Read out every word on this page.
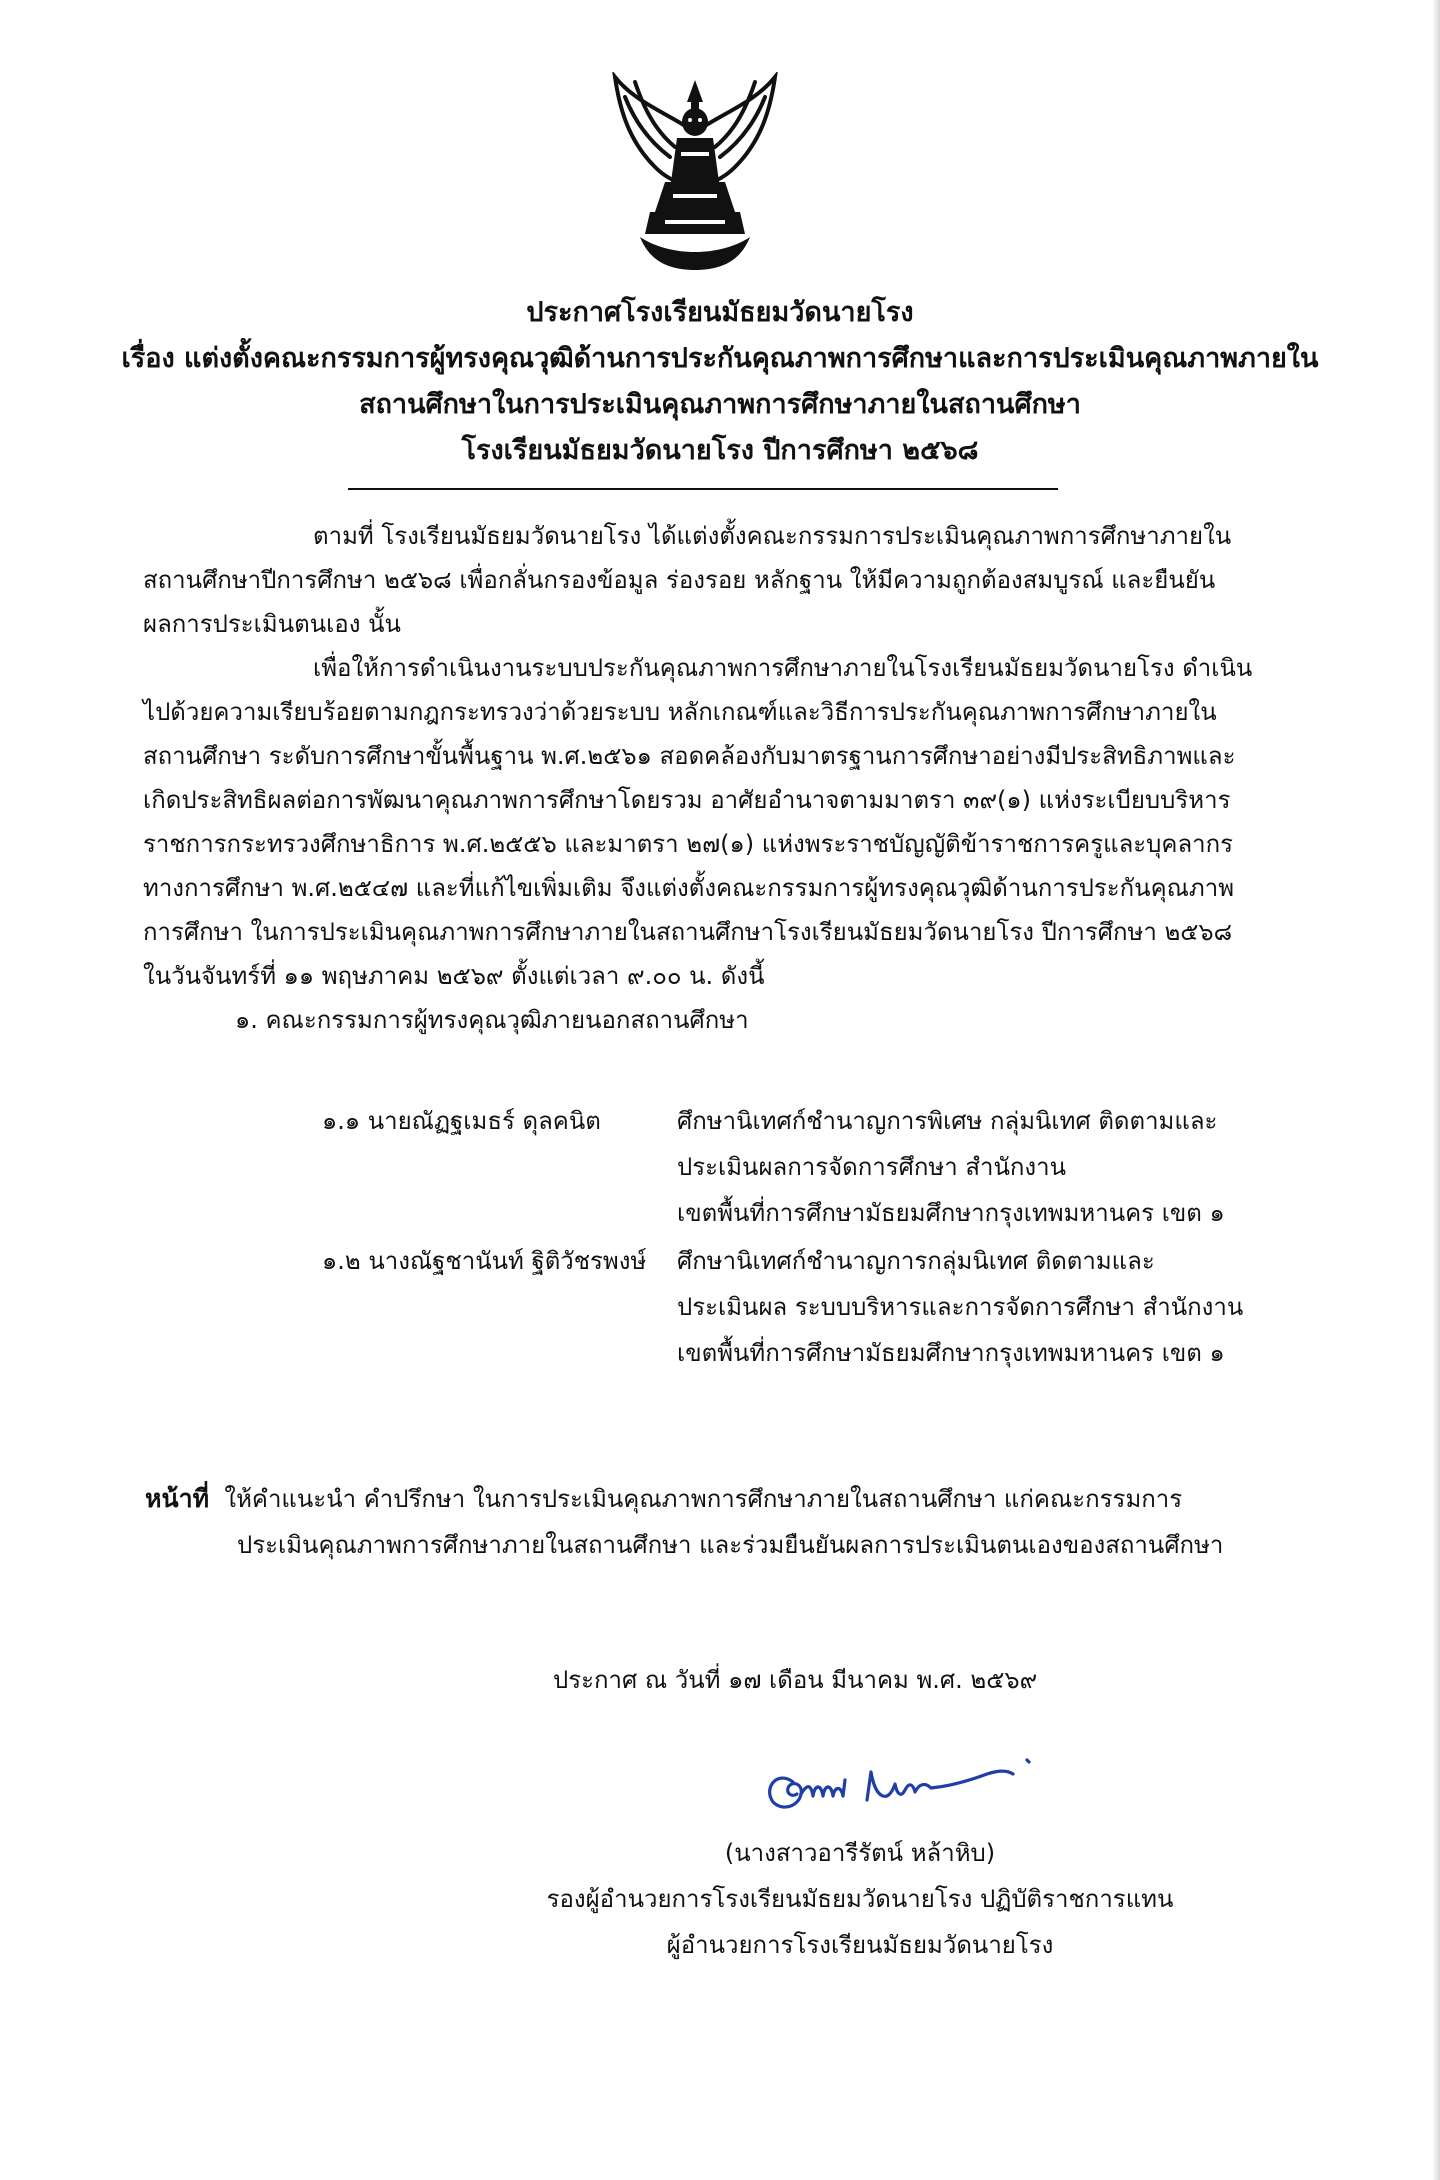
ประกาศโรงเรียนมัธยมวัดนายโรง
เรื่อง แต่งตั้งคณะกรรมการผู้ทรงคุณวุฒิด้านการประกันคุณภาพการศึกษาและการประเมินคุณภาพภายใน
สถานศึกษาในการประเมินคุณภาพการศึกษาภายในสถานศึกษา
โรงเรียนมัธยมวัดนายโรง ปีการศึกษา ๒๕๖๘
ตามที่ โรงเรียนมัธยมวัดนายโรง ได้แต่งตั้งคณะกรรมการประเมินคุณภาพการศึกษาภายใน
สถานศึกษาปีการศึกษา ๒๕๖๘ เพื่อกลั่นกรองข้อมูล ร่องรอย หลักฐาน ให้มีความถูกต้องสมบูรณ์ และยืนยัน
ผลการประเมินตนเอง นั้น
เพื่อให้การดำเนินงานระบบประกันคุณภาพการศึกษาภายในโรงเรียนมัธยมวัดนายโรง ดำเนิน
ไปด้วยความเรียบร้อยตามกฎกระทรวงว่าด้วยระบบ หลักเกณฑ์และวิธีการประกันคุณภาพการศึกษาภายใน
สถานศึกษา ระดับการศึกษาขั้นพื้นฐาน พ.ศ.๒๕๖๑ สอดคล้องกับมาตรฐานการศึกษาอย่างมีประสิทธิภาพและ
เกิดประสิทธิผลต่อการพัฒนาคุณภาพการศึกษาโดยรวม อาศัยอำนาจตามมาตรา ๓๙(๑) แห่งระเบียบบริหาร
ราชการกระทรวงศึกษาธิการ พ.ศ.๒๕๕๖ และมาตรา ๒๗(๑) แห่งพระราชบัญญัติข้าราชการครูและบุคลากร
ทางการศึกษา พ.ศ.๒๕๔๗ และที่แก้ไขเพิ่มเติม จึงแต่งตั้งคณะกรรมการผู้ทรงคุณวุฒิด้านการประกันคุณภาพ
การศึกษา ในการประเมินคุณภาพการศึกษาภายในสถานศึกษาโรงเรียนมัธยมวัดนายโรง ปีการศึกษา ๒๕๖๘
ในวันจันทร์ที่ ๑๑ พฤษภาคม ๒๕๖๙ ตั้งแต่เวลา ๙.๐๐ น. ดังนี้
๑. คณะกรรมการผู้ทรงคุณวุฒิภายนอกสถานศึกษา
๑.๑ นายณัฏฐเมธร์ ดุลคนิต	ศึกษานิเทศก์ชำนาญการพิเศษ กลุ่มนิเทศ ติดตามและ
ประเมินผลการจัดการศึกษา สำนักงาน
เขตพื้นที่การศึกษามัธยมศึกษากรุงเทพมหานคร เขต ๑
๑.๒ นางณัฐชานันท์ ฐิติวัชรพงษ์ ศึกษานิเทศก์ชำนาญการกลุ่มนิเทศ ติดตามและ
ประเมินผล ระบบบริหารและการจัดการศึกษา สำนักงาน
เขตพื้นที่การศึกษามัธยมศึกษากรุงเทพมหานคร เขต ๑
หน้าที่ ให้คำแนะนำ คำปรึกษา ในการประเมินคุณภาพการศึกษาภายในสถานศึกษา แก่คณะกรรมการ
ประเมินคุณภาพการศึกษาภายในสถานศึกษา และร่วมยืนยันผลการประเมินตนเองของสถานศึกษา
ประกาศ ณ วันที่ ๑๗ เดือน มีนาคม พ.ศ. ๒๕๖๙
(นางสาวอารีรัตน์ หล้าหิบ)
รองผู้อำนวยการโรงเรียนมัธยมวัดนายโรง ปฏิบัติราชการแทน
ผู้อำนวยการโรงเรียนมัธยมวัดนายโรง
